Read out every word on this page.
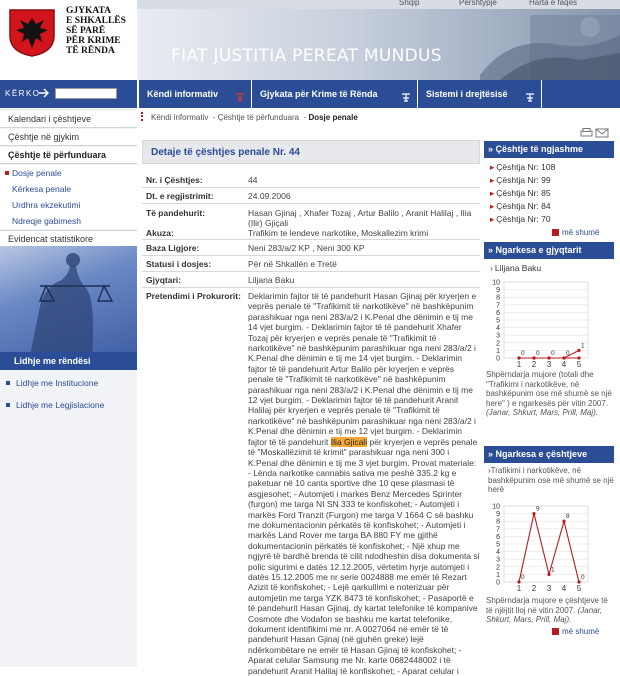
GJYKATA
E SHKALLËS
SË PARË
PËR KRIME
TË RËNDA
Shqip	Përshtypje	Harta e faqes
FIAT JUSTITIA PEREAT MUNDUS
KËRKO	Këndi informativ	Gjykata për Krime të Rënda	Sistemi i drejtësisë
Kalendari i çështjeve
Çështje në gjykim
Çështje të përfunduara
Dosje penale
Kërkesa penale
Urdhra ekzekutimi
Ndreqje gabimesh
Evidencat statistikore
Lidhje me rëndësi
Lidhje me Institucione
Lidhje me Legjislacione
Këndi informativ  - Çështje të përfunduara  - Dosje penale
Detaje të çështjes penale Nr. 44
Nr. i Çështjes:	44
Dt. e regjistrimit:	24.09.2006
Të pandehurit:	Hasan Gjinaj , Xhafer Tozaj , Artur Balilo , Aranit Halilaj , Ilia (Ilir) Gjiçali
Akuza:	Trafikim te lendeve narkotike, Moskallezim krimi
Baza Ligjore:	Neni 283/a/2 KP , Neni 300 KP
Statusi i dosjes:	Për në Shkallën e Tretë
Gjyqtari:	Liljana Baku
Pretendimi i Prokurorit: Deklarimin fajtor të të pandehurit Hasan Gjinaj për kryerjen e veprës penale të "Trafikimit të narkotikëve" në bashkëpunim parashikuar nga neni 283/a/2 i K.Penal dhe dënimin e tij me 14 vjet burgim. - Deklarimin fajtor të të pandehurit Xhafer Tozaj për kryerjen e veprës penale të "Trafikimit të narkotikëve" në bashkëpunim parashikuar nga neni 283/a/2 i K.Penal dhe dënimin e tij me 14 vjet burgim. - Deklarimin fajtor të të pandehurit Artur Balilo për kryerjen e veprës penale të "Trafikimit të narkotikëve" në bashkëpunim parashikuar nga neni 283/a/2 i K.Penal dhe dënimin e tij me 12 vjet burgim. - Deklarimin fajtor të të pandehurit Aranit Halilaj për kryerjen e veprës penale të "Trafikimit të narkotikëve" në bashkëpunim parashikuar nga neni 283/a/2 i K.Penal dhe dënimin e tij me 12 vjet burgim. - Deklarimin fajtor të të pandehurit Ilia Gjicali për kryerjen e veprës penale të "Moskallëzimit të krimit" parashikuar nga neni 300 i K.Penal dhe dënimin e tij me 3 vjet burgim. Provat materiale: - Lënda narkotike cannabis sativa me peshë 335.2 kg e paketuar në 10 canta sportive dhe 10 qese plasmasi të asgjesohet; - Automjeti i markes Benz Mercedes Sprinter (furgon) me targa NI SN 333 te konfiskohet; - Automjeti i markës Ford Tranzit (Furgon) me targa V 1664 C së bashku me dokumentacionin përkatës të konfiskohet; - Automjeti i markës Land Rover me targa BA 880 FY me gjithë dokumentacionin përkatës të konfiskohet; - Një xhup me ngjyrë të bardhë brenda të cilit ndodheshin disa dokumenta si polic sigurimi e datës 12.12.2005, vërtetim hyrje automjeti i datës 15.12.2005 me nr serie 0024888 me emër të Rezart Azizit të konfiskohet; - Lejë qarkullimi e noterizuar për automjetin me targa YZK 8473 të konfiskohet; - Pasaportë e të pandehurit Hasan Gjinaj, dy kartat telefonike të kompanive Cosmote dhe Vodafon se bashku me kartat telefonike, dokument identifikimi me nr. A 0027064 në emër të të pandehurit Hasan Gjinaj (në gjuhën greke) lejë ndërkombëtare ne emër të Hasan Gjinaj të konfiskohet; - Aparat celular Samsung me Nr. karte 0682448002 i të pandehurit Aranit Halilaj të konfiskohet; - Aparat celular i
» Çështje të ngjashme
▸ Çështja Nr: 108
▸ Çështja Nr: 99
▸ Çështja Nr: 85
▸ Çështja Nr: 84
▸ Çështja Nr: 70
më shumë
» Ngarkesa e gjyqtarit
› Liljana Baku
0
1
2
3
4
5
6
7
8
9
10
1 2 3 4 5
0 0 0 0
1
Shpërndarja mujore (totali dhe "Trafikimi i narkotikëve, në bashkëpunim ose më shumë se një here" ) e ngarkesës për vitin 2007. (Janar, Shkurt, Mars, Prill, Maj).
» Ngarkesa e çështjeve
›Trafikimi i narkotikëve, në bashkëpunim ose më shumë se një herë
0
1
2
3
4
5
6
7
8
9
10
1 2 3 4 5
0
9
1
8
0
Shpërndarja mujore e çështjeve të të njëjtit lloj në vitin 2007. (Janar, Shkurt, Mars, Prill, Maj).
më shumë
